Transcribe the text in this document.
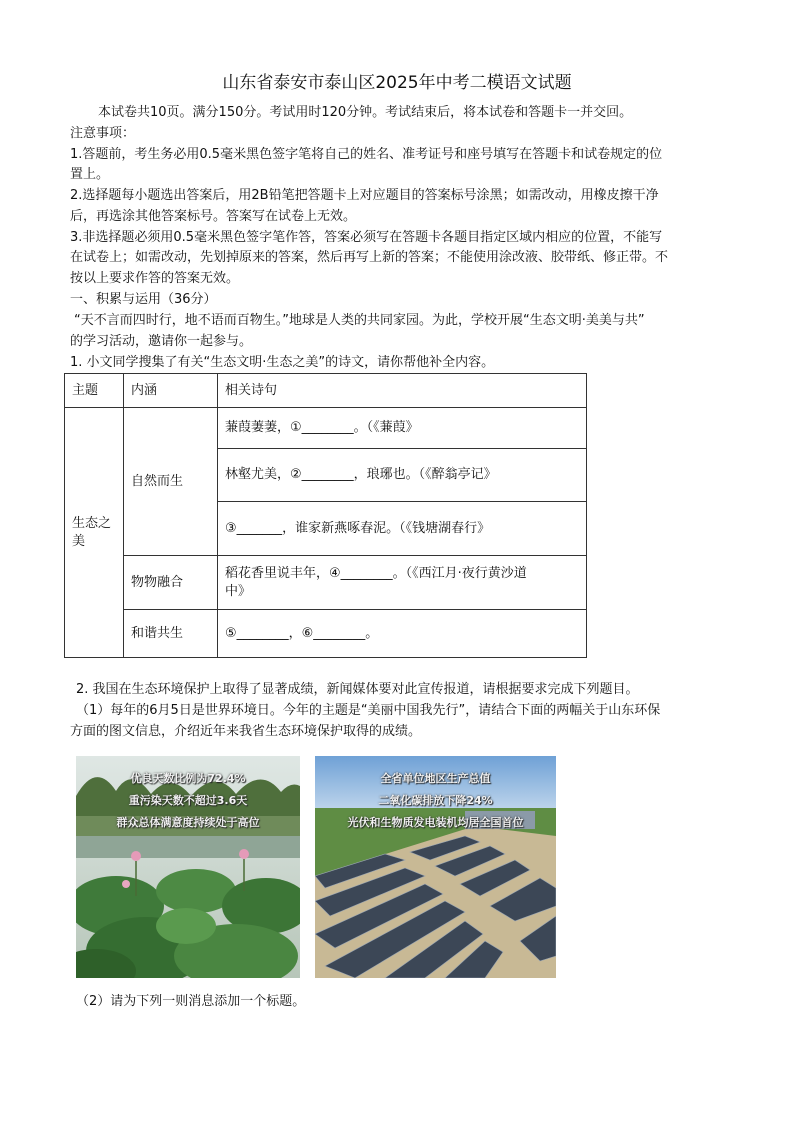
山东省泰安市泰山区2025年中考二模语文试题
本试卷共10页。满分150分。考试用时120分钟。考试结束后，将本试卷和答题卡一并交回。
注意事项：
1.答题前，考生务必用0.5毫米黑色签字笔将自己的姓名、准考证号和座号填写在答题卡和试卷规定的位
置上。
2.选择题每小题选出答案后，用2B铅笔把答题卡上对应题目的答案标号涂黑；如需改动，用橡皮擦干净
后，再选涂其他答案标号。答案写在试卷上无效。
3.非选择题必须用0.5毫米黑色签字笔作答，答案必须写在答题卡各题目指定区域内相应的位置，不能写
在试卷上；如需改动，先划掉原来的答案，然后再写上新的答案；不能使用涂改液、胶带纸、修正带。不
按以上要求作答的答案无效。
一、积累与运用（36分）
“天不言而四时行，地不语而百物生。”地球是人类的共同家园。为此，学校开展“生态文明·美美与共”
的学习活动，邀请你一起参与。
1. 小文同学搜集了有关“生态文明·生态之美”的诗文，请你帮他补全内容。
主题	内涵	相关诗句

生态之美	自然而生	蒹葭萋萋，①________。（《蒹葭》
		林壑尤美，②________，琅琊也。（《醉翁亭记》
		③_______，谁家新燕啄春泥。（《钱塘湖春行》
	物物融合	稻花香里说丰年，④________。（《西江月·夜行黄沙道
中》

	和谐共生	⑤________，⑥________。
2. 我国在生态环境保护上取得了显著成绩，新闻媒体要对此宣传报道，请根据要求完成下列题目。
（1）每年的6月5日是世界环境日。今年的主题是“美丽中国我先行”，请结合下面的两幅关于山东环保
方面的图文信息，介绍近年来我省生态环境保护取得的成绩。
优良天数比例为72.4%
重污染天数不超过3.6天
群众总体满意度持续处于高位
全省单位地区生产总值
二氧化碳排放下降24%
光伏和生物质发电装机均居全国首位
（2）请为下列一则消息添加一个标题。
